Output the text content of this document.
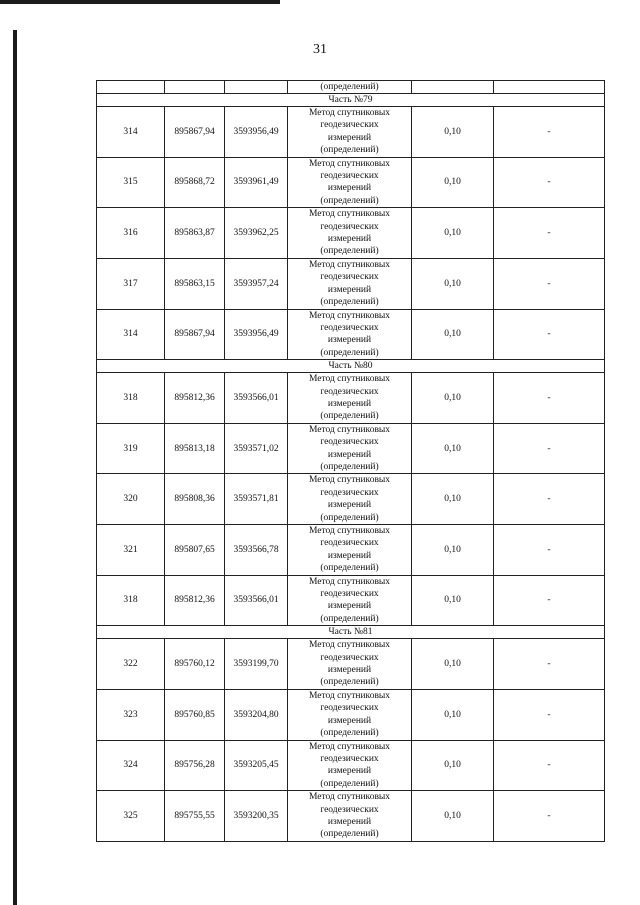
31
			(определений)		
Часть №79					
314	895867,94	3593956,49	Метод спутниковых
геодезических
измерений
(определений)	0,10	-
315	895868,72	3593961,49	Метод спутниковых
геодезических
измерений
(определений)	0,10	-
316	895863,87	3593962,25	Метод спутниковых
геодезических
измерений
(определений)	0,10	-
317	895863,15	3593957,24	Метод спутниковых
геодезических
измерений
(определений)	0,10	-
314	895867,94	3593956,49	Метод спутниковых
геодезических
измерений
(определений)	0,10	-
Часть №80					
318	895812,36	3593566,01	Метод спутниковых
геодезических
измерений
(определений)	0,10	-
319	895813,18	3593571,02	Метод спутниковых
геодезических
измерений
(определений)	0,10	-
320	895808,36	3593571,81	Метод спутниковых
геодезических
измерений
(определений)	0,10	-
321	895807,65	3593566,78	Метод спутниковых
геодезических
измерений
(определений)	0,10	-
318	895812,36	3593566,01	Метод спутниковых
геодезических
измерений
(определений)	0,10	-
Часть №81					
322	895760,12	3593199,70	Метод спутниковых
геодезических
измерений
(определений)	0,10	-
323	895760,85	3593204,80	Метод спутниковых
геодезических
измерений
(определений)	0,10	-
324	895756,28	3593205,45	Метод спутниковых
геодезических
измерений
(определений)	0,10	-
325	895755,55	3593200,35	Метод спутниковых
геодезических
измерений
(определений)	0,10	-
